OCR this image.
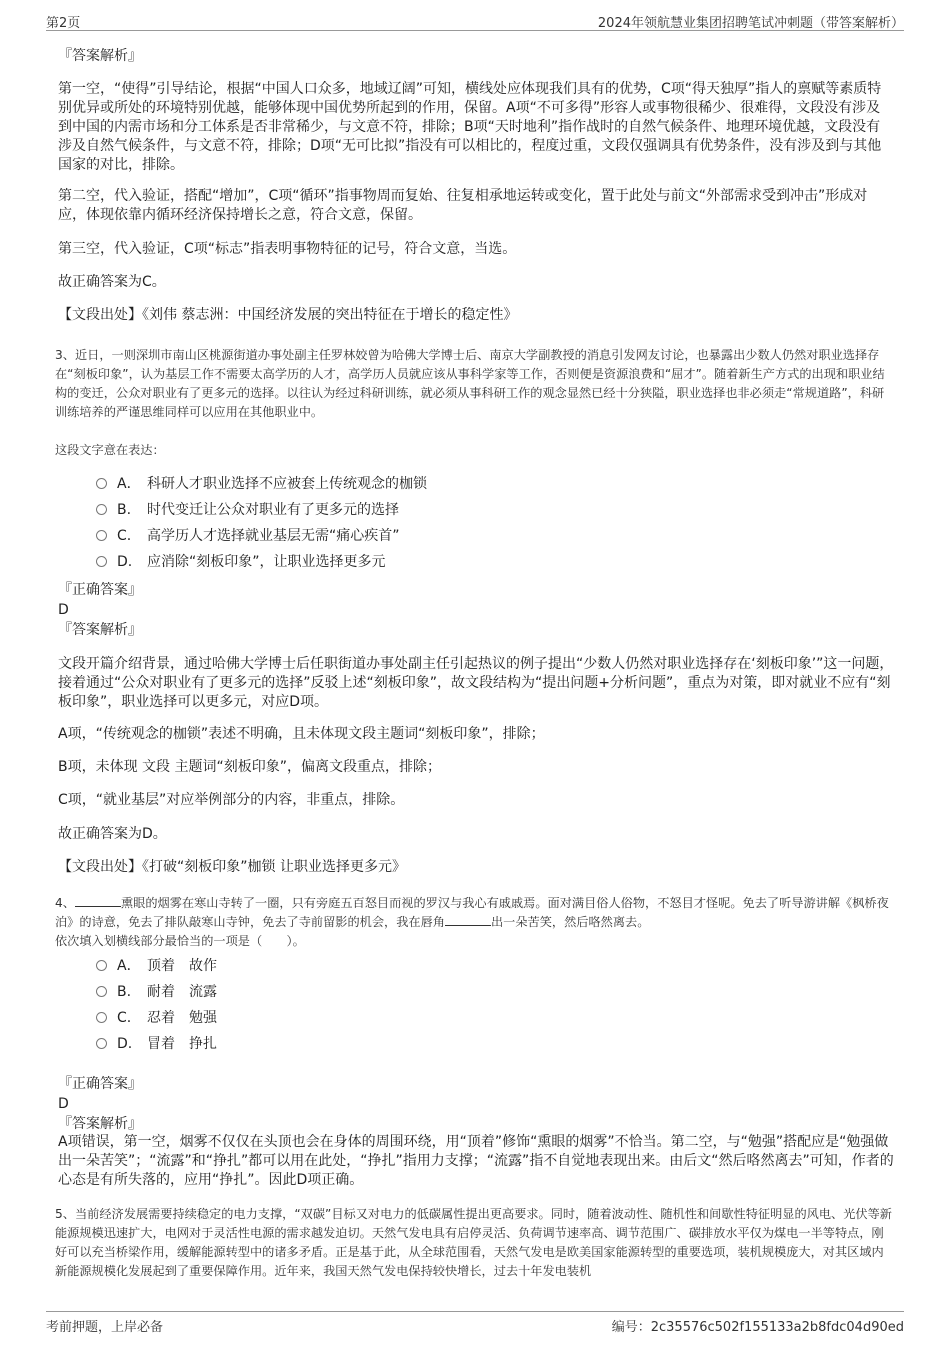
第2页	2024年领航慧业集团招聘笔试冲刺题（带答案解析）

『答案解析』

第一空，“使得”引导结论，根据“中国人口众多，地域辽阔”可知，横线处应体现我们具有的优势，C项“得天独厚”指人的禀赋等素质特别优异或所处的环境特别优越，能够体现中国优势所起到的作用，保留。A项“不可多得”形容人或事物很稀少、很难得，文段没有涉及到中国的内需市场和分工体系是否非常稀少，与文意不符，排除；B项“天时地利”指作战时的自然气候条件、地理环境优越，文段没有涉及自然气候条件，与文意不符，排除；D项“无可比拟”指没有可以相比的，程度过重，文段仅强调具有优势条件，没有涉及到与其他国家的对比，排除。

第二空，代入验证，搭配“增加”，C项“循环”指事物周而复始、往复相承地运转或变化，置于此处与前文“外部需求受到冲击”形成对应，体现依靠内循环经济保持增长之意，符合文意，保留。

第三空，代入验证，C项“标志”指表明事物特征的记号，符合文意，当选。

故正确答案为C。

【文段出处】《刘伟 蔡志洲：中国经济发展的突出特征在于增长的稳定性》

3、近日，一则深圳市南山区桃源街道办事处副主任罗林姣曾为哈佛大学博士后、南京大学副教授的消息引发网友讨论，也暴露出少数人仍然对职业选择存在“刻板印象”，认为基层工作不需要太高学历的人才，高学历人员就应该从事科学家等工作，否则便是资源浪费和“屈才”。随着新生产方式的出现和职业结构的变迁，公众对职业有了更多元的选择。以往认为经过科研训练，就必须从事科研工作的观念显然已经十分狭隘，职业选择也非必须走“常规道路”，科研训练培养的严谨思维同样可以应用在其他职业中。

这段文字意在表达：

A． 科研人才职业选择不应被套上传统观念的枷锁
B. 时代变迁让公众对职业有了更多元的选择
C. 高学历人才选择就业基层无需“痛心疾首”
D. 应消除“刻板印象”，让职业选择更多元

『正确答案』

D

『答案解析』

文段开篇介绍背景，通过哈佛大学博士后任职街道办事处副主任引起热议的例子提出“少数人仍然对职业选择存在‘刻板印象’”这一问题，接着通过“公众对职业有了更多元的选择”反驳上述“刻板印象”，故文段结构为“提出问题+分析问题”，重点为对策，即对就业不应有“刻板印象”，职业选择可以更多元，对应D项。

A项，“传统观念的枷锁”表述不明确，且未体现文段主题词“刻板印象”，排除；

B项，未体现 文段 主题词“刻板印象”，偏离文段重点，排除；

C项，“就业基层”对应举例部分的内容，非重点，排除。

故正确答案为D。

【文段出处】《打破“刻板印象”枷锁 让职业选择更多元》

4、	熏眼的烟雾在寒山寺转了一圈，只有旁庭五百怒目而视的罗汉与我心有戚戚焉。面对满目俗人俗物，不怒目才怪呢。免去了听导游讲解《枫桥夜泊》的诗意，免去了排队敲寒山寺钟，免去了寺前留影的机会，我在唇角	出一朵苦笑，然后咯然离去。

依次填入划横线部分最恰当的一项是（　　）。

A． 顶着　故作
B. 耐着　流露
C. 忍着　勉强
D. 冒着　挣扎

『正确答案』

D

『答案解析』

A项错误，第一空，烟雾不仅仅在头顶也会在身体的周围环绕，用“顶着”修饰“熏眼的烟雾”不恰当。第二空，与“勉强”搭配应是“勉强做出一朵苦笑”；“流露”和“挣扎”都可以用在此处，“挣扎”指用力支撑；“流露”指不自觉地表现出来。由后文“然后咯然离去”可知，作者的心态是有所失落的，应用“挣扎”。因此D项正确。

5、当前经济发展需要持续稳定的电力支撑，“双碳”目标又对电力的低碳属性提出更高要求。同时，随着波动性、随机性和间歇性特征明显的风电、光伏等新能源规模迅速扩大，电网对于灵活性电源的需求越发迫切。天然气发电具有启停灵活、负荷调节速率高、调节范围广、碳排放水平仅为煤电一半等特点，刚好可以充当桥梁作用，缓解能源转型中的诸多矛盾。正是基于此，从全球范围看，天然气发电是欧美国家能源转型的重要选项，装机规模庞大，对其区域内新能源规模化发展起到了重要保障作用。近年来，我国天然气发电保持较快增长，过去十年发电装机

考前押题，上岸必备	编号：2c35576c502f155133a2b8fdc04d90ed
